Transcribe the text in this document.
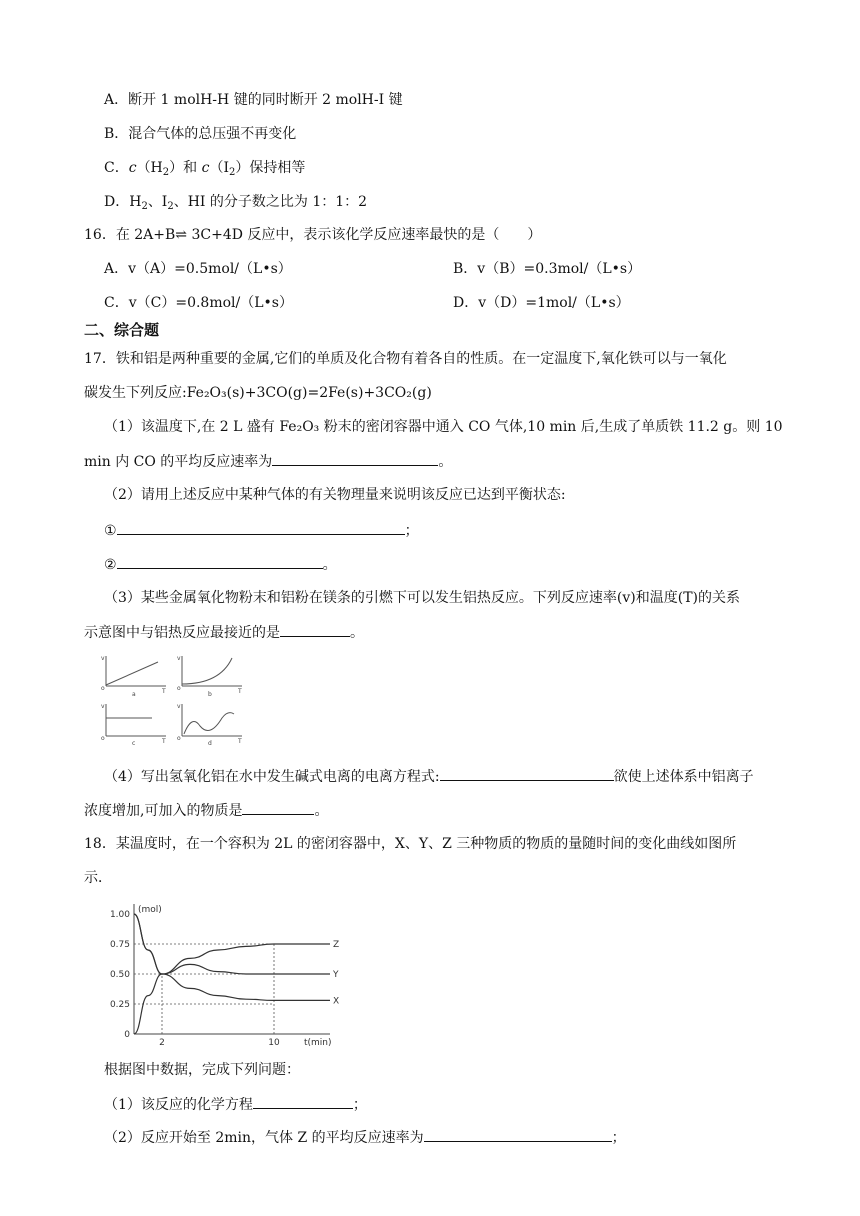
A．断开 1 molH-H 键的同时断开 2 molH-I 键
B．混合气体的总压强不再变化
C．$c(H_2)$和 $c(I_2)$保持相等
D．$H_2$、$I_2$、HI 的分子数之比为 1：1：2
16．在 2A+B⇌ 3C+4D 反应中，表示该化学反应速率最快的是（　　）
A．v（A）=0.5mol/（L•s）	B．v（B）=0.3mol/（L•s）
C．v（C）=0.8mol/（L•s）	D．v（D）=1mol/（L•s）
二、综合题
17．铁和铝是两种重要的金属,它们的单质及化合物有着各自的性质。在一定温度下,氧化铁可以与一氧化
碳发生下列反应:Fe₂O₃(s)+3CO(g)=2Fe(s)+3CO₂(g)
（1）该温度下,在 2 L 盛有 Fe₂O₃ 粉末的密闭容器中通入 CO 气体,10 min 后,生成了单质铁 11.2 g。则 10
min 内 CO 的平均反应速率为	。
（2）请用上述反应中某种气体的有关物理量来说明该反应已达到平衡状态:
①	；
②	。
（3）某些金属氧化物粉末和铝粉在镁条的引燃下可以发生铝热反应。下列反应速率(v)和温度(T)的关系
示意图中与铝热反应最接近的是	。
o
v
T
a
o
v
T
b
o
v
T
c
o
v
T
d
（4）写出氢氧化铝在水中发生碱式电离的电离方程式:	欲使上述体系中铝离子
浓度增加,可加入的物质是	。
18．某温度时，在一个容积为 2L 的密闭容器中，X、Y、Z 三种物质的物质的量随时间的变化曲线如图所
示．
Z
Y
X
0
0.25
0.50
0.75
1.00
2	10
(mol)
t(min)
根据图中数据，完成下列问题：
（1）该反应的化学方程	；
（2）反应开始至 2min，气体 Z 的平均反应速率为	；
